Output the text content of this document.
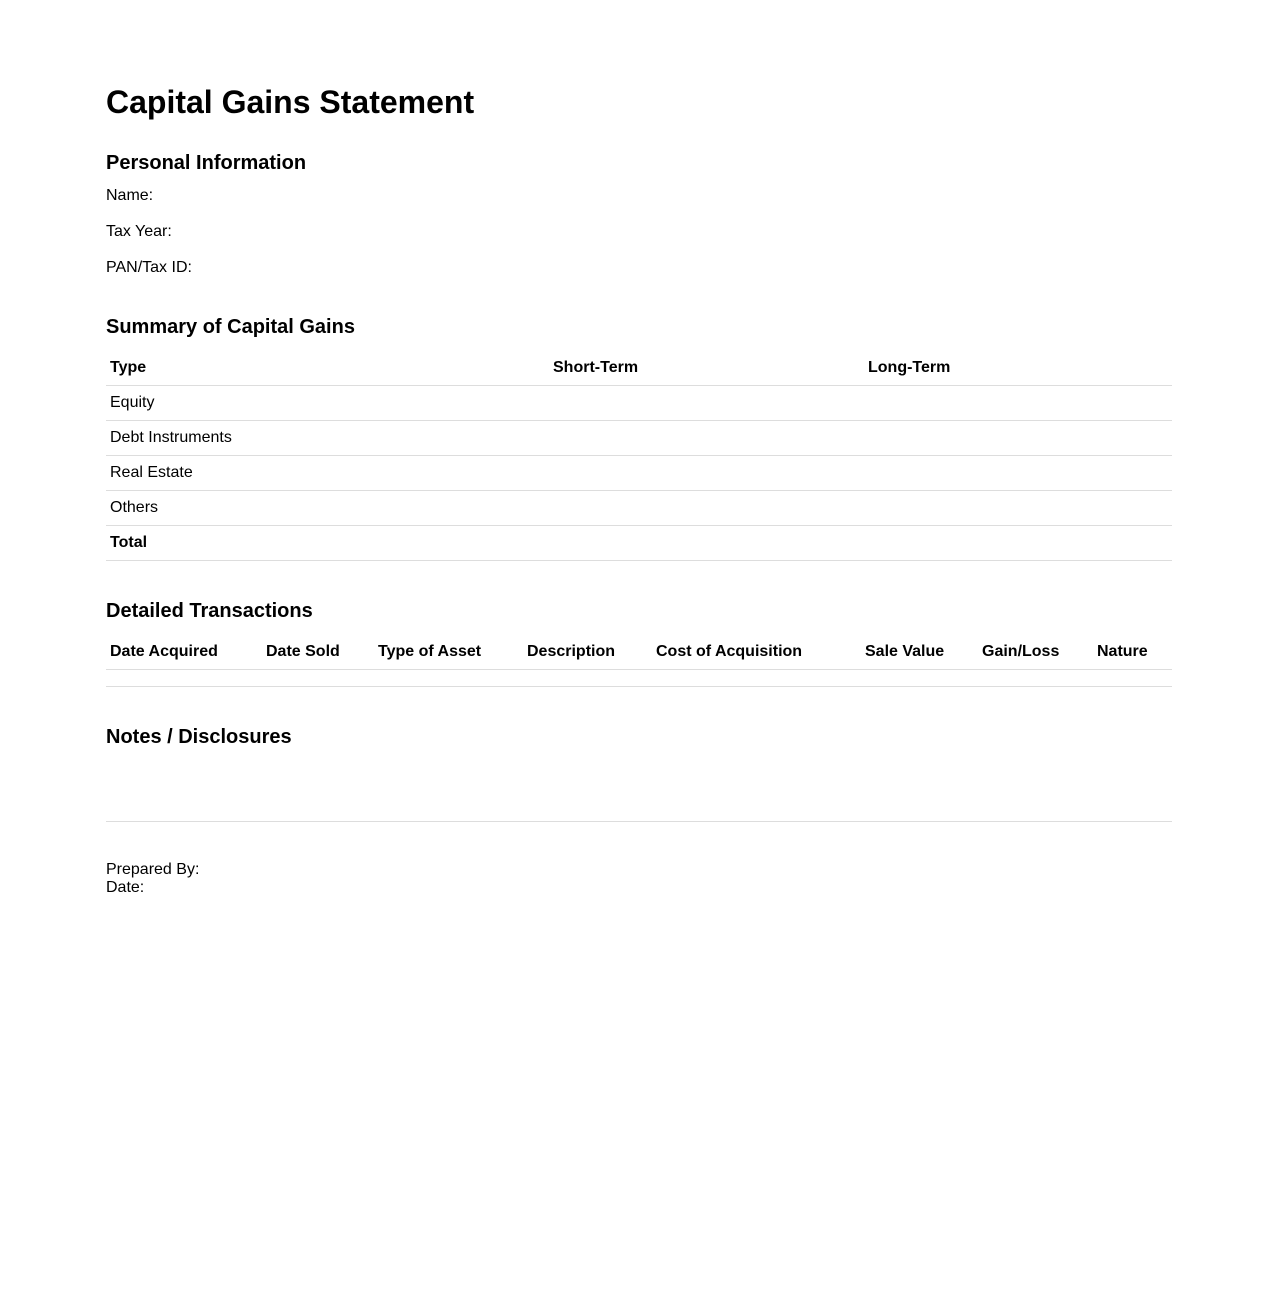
Capital Gains Statement
Personal Information
Name:
Tax Year:
PAN/Tax ID:
Summary of Capital Gains
Type	Short-Term	Long-Term
Equity		
Debt Instruments		
Real Estate		
Others		
Total		
Detailed Transactions
Date Acquired	Date Sold	Type of Asset	Description	Cost of Acquisition	Sale Value	Gain/Loss	Nature

Notes / Disclosures
Prepared By:
Date:
